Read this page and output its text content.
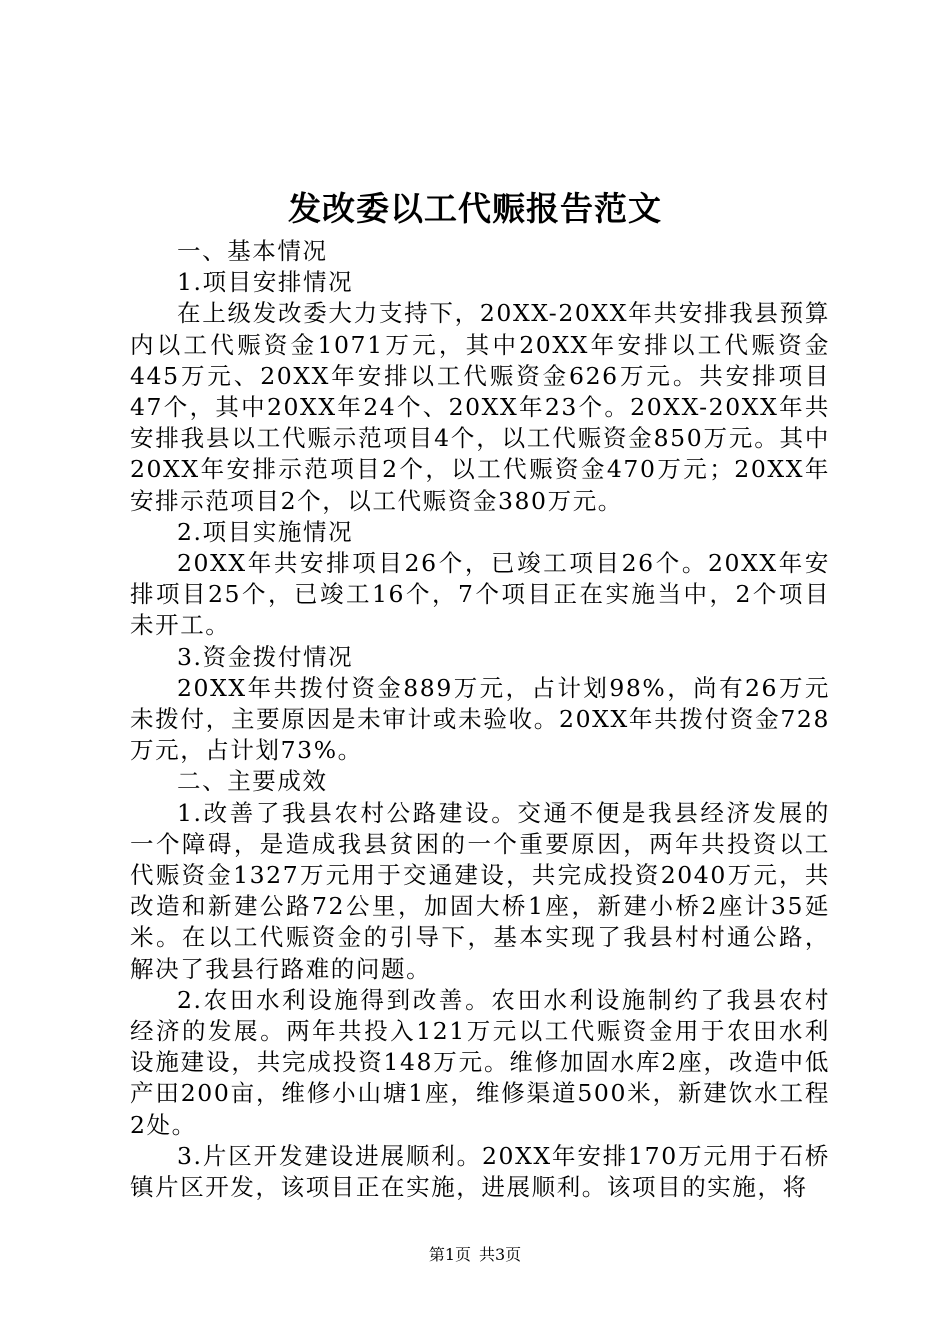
发改委以工代赈报告范文

一、基本情况

1.项目安排情况

在上级发改委大力支持下，20XX-20XX年共安排我县预算内以工代赈资金1071万元，其中20XX年安排以工代赈资金445万元、20XX年安排以工代赈资金626万元。共安排项目47个，其中20XX年24个、20XX年23个。20XX-20XX年共安排我县以工代赈示范项目4个，以工代赈资金850万元。其中20XX年安排示范项目2个，以工代赈资金470万元；20XX年安排示范项目2个，以工代赈资金380万元。

2.项目实施情况

20XX年共安排项目26个，已竣工项目26个。20XX年安排项目25个，已竣工16个，7个项目正在实施当中，2个项目未开工。

3.资金拨付情况

20XX年共拨付资金889万元，占计划98%，尚有26万元未拨付，主要原因是未审计或未验收。20XX年共拨付资金728万元，占计划73%。

二、主要成效

1.改善了我县农村公路建设。交通不便是我县经济发展的一个障碍，是造成我县贫困的一个重要原因，两年共投资以工代赈资金1327万元用于交通建设，共完成投资2040万元，共改造和新建公路72公里，加固大桥1座，新建小桥2座计35延米。在以工代赈资金的引导下，基本实现了我县村村通公路，解决了我县行路难的问题。

2.农田水利设施得到改善。农田水利设施制约了我县农村经济的发展。两年共投入121万元以工代赈资金用于农田水利设施建设，共完成投资148万元。维修加固水库2座，改造中低产田200亩，维修小山塘1座，维修渠道500米，新建饮水工程2处。

3.片区开发建设进展顺利。20XX年安排170万元用于石桥镇片区开发，该项目正在实施，进展顺利。该项目的实施，将

第1页 共3页
